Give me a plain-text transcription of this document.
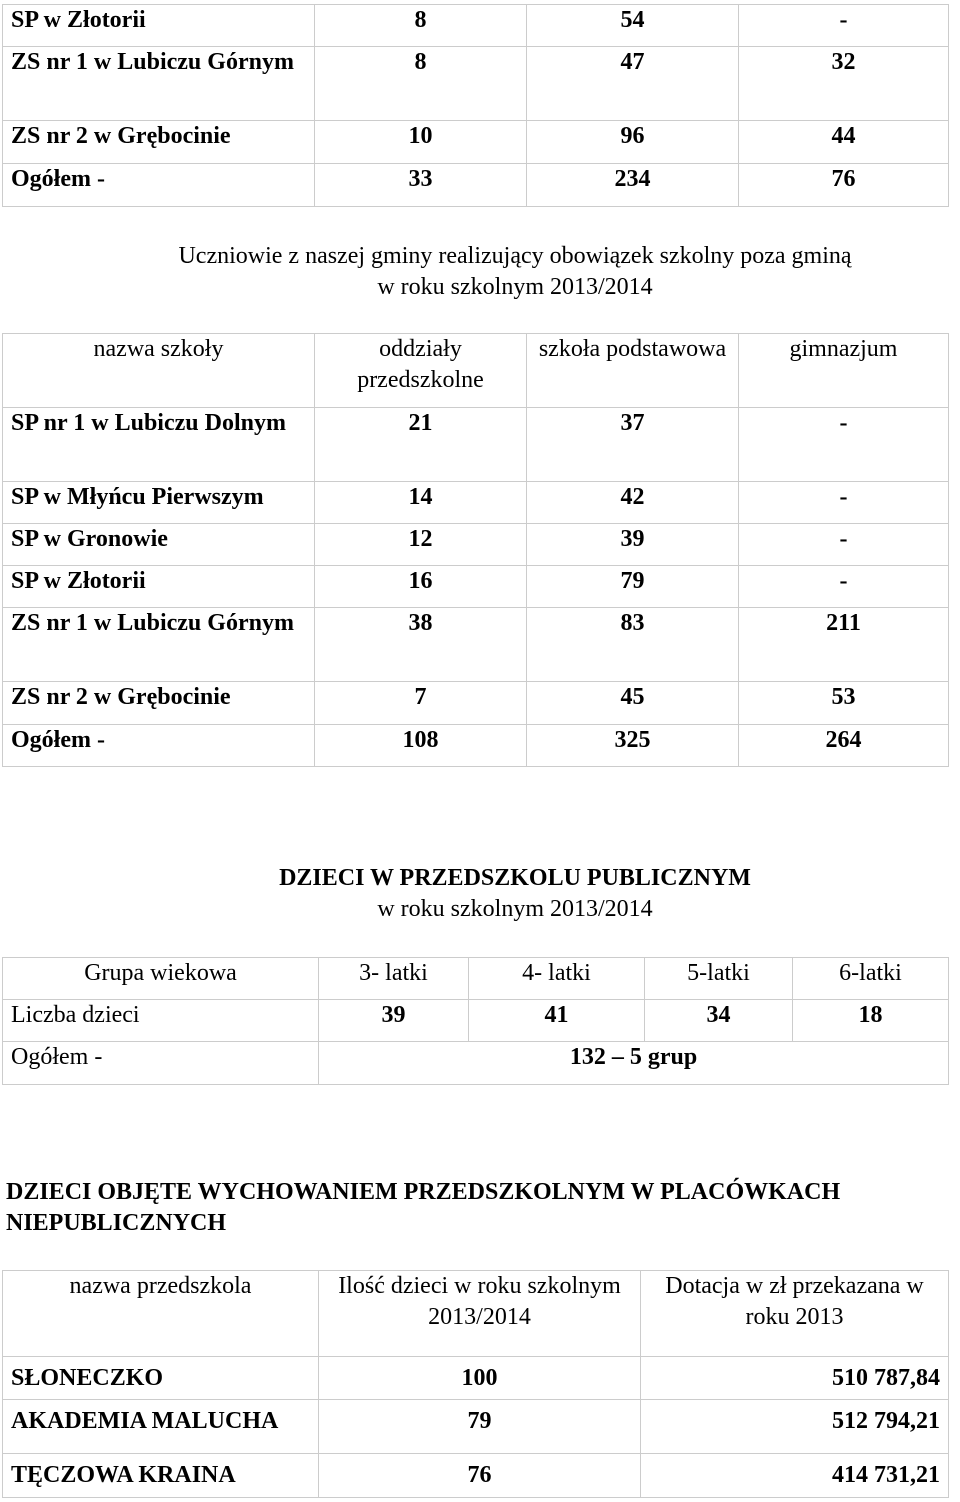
SP w Złotorii	8	54	-
ZS nr 1 w Lubiczu Górnym	8	47	32
ZS nr 2 w Grębocinie	10	96	44
Ogółem -	33	234	76
Uczniowie z naszej gminy realizujący obowiązek szkolny poza gminą
w roku szkolnym 2013/2014
nazwa szkoły	oddziały przedszkolne	szkoła podstawowa	gimnazjum
SP nr 1 w Lubiczu Dolnym	21	37	-
SP w Młyńcu Pierwszym	14	42	-
SP w Gronowie	12	39	-
SP w Złotorii	16	79	-
ZS nr 1 w Lubiczu Górnym	38	83	211
ZS nr 2 w Grębocinie	7	45	53
Ogółem -	108	325	264
DZIECI W PRZEDSZKOLU PUBLICZNYM
w roku szkolnym 2013/2014
Grupa wiekowa	3- latki	4- latki	5-latki	6-latki
Liczba dzieci	39	41	34	18
Ogółem -	132 – 5 grup			
DZIECI OBJĘTE WYCHOWANIEM PRZEDSZKOLNYM W PLACÓWKACH NIEPUBLICZNYCH
nazwa przedszkola	Ilość dzieci w roku szkolnym 2013/2014	Dotacja w zł przekazana w roku 2013
SŁONECZKO	100	510 787,84
AKADEMIA MALUCHA	79	512 794,21
TĘCZOWA KRAINA	76	414 731,21
